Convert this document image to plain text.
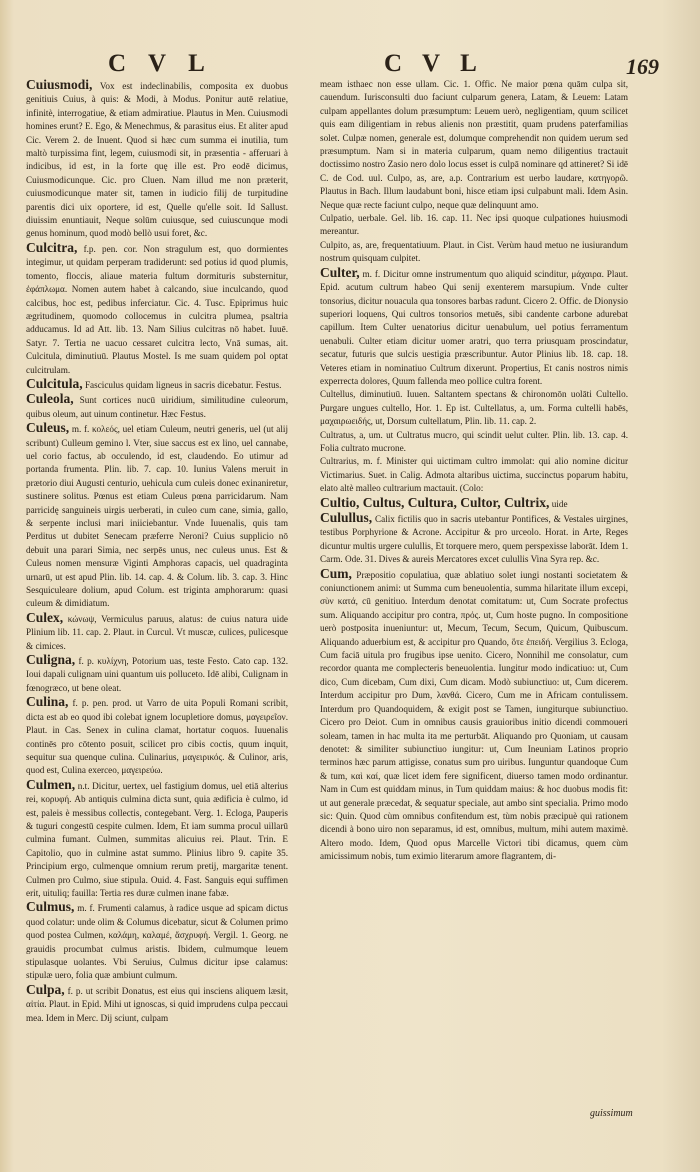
CVL	CVL	169

Cuiusmodi, Vox est indeclinabilis, composita ex duobus genitiuis Cuius, à quis: & Modi, à Modus. Ponitur autē relatiue, infinitè, interrogatiue, & etiam admiratiue. Plautus in Men. Cuiusmodi homines erunt? E. Ego, & Menechmus, & parasitus eius. Et aliter apud Cic. Verem 2. de Inuent. Quod si hæc cum summa ei inutilia, tum maltò turpissima fint, legem, cuiusmodi sit, in præsentia - afferuari à indicibus, id est, in la forte quę ille est. Pro eodē dicimus, Cuiusmodicunque. Cic. pro Cluen. Nam illud me non præterit, cuiusmodicunque mater sit, tamen in iudicio filij de turpitudine parentis dici uix oportere, id est, Quelle qu'elle soit. Id Sallust. diuissim enuntiauit, Neque solūm cuiusque, sed cuiuscunque modi genus hominum, quod modò bellò usui foret, &c.

Culcitra, f.p. pen. cor. Non stragulum est, quo dormientes integimur, ut quidam perperam tradiderunt: sed potius id quod plumis, tomento, floccis, aliaue materia fultum dormituris substernitur, ἐφάπλωμα. Nomen autem habet à calcando, siue inculcando, quod calcibus, hoc est, pedibus inferciatur. Cic. 4. Tusc. Epiprimus huic ægritudinem, quomodo collocemus in culcitra plumea, psaltria adducamus. Id ad Att. lib. 13. Nam Silius culcitras nō habet. Iuuē. Satyr. 7. Tertia ne uacuo cessaret culcitra lecto, Vnā sumas, ait. Culcitula, diminutiuū. Plautus Mostel. Is me suam quidem pol optat culcitrulam.

Culcitula, Fasciculus quidam ligneus in sacris dicebatur. Festus.

Culeola, Sunt cortices nucū uiridium, similitudine culeorum, quibus oleum, aut uinum continetur. Hæc Festus.

Culeus, m. f. κολεός, uel etiam Culeum, neutri generis, uel (ut alij scribunt) Culleum gemino l. Vter, siue saccus est ex lino, uel cannabe, uel corio factus, ab occulendo, id est, claudendo. Eo utimur ad portanda frumenta. Plin. lib. 7. cap. 10. Iunius Valens meruit in prætorio diui Augusti centurio, uehicula cum culeis donec exinaniretur, sustinere solitus. Pœnus est etiam Culeus pœna parricidarum. Nam parricidę sanguineis uirgis uerberati, in culeo cum cane, simia, gallo, & serpente inclusi mari iniiciebantur. Vnde Iuuenalis, quis tam Perditus ut dubitet Senecam præferre Neroni? Cuius supplicio nō debuit una parari Simia, nec serpēs unus, nec culeus unus. Est & Culeus nomen mensuræ Viginti Amphoras capacis, uel quadraginta urnarū, ut est apud Plin. lib. 14. cap. 4. & Colum. lib. 3. cap. 3. Hinc Sesquiculeare dolium, apud Colum. est triginta amphorarum: quasi culeum & dimidiatum.

Culex, κώνωψ, Vermiculus paruus, alatus: de cuius natura uide Plinium lib. 11. cap. 2. Plaut. in Curcul. Vt muscæ, culices, pulicesque & cimices.

Culigna, f. p. κυλίχνη, Potorium uas, teste Festo. Cato cap. 132. Ioui dapali culignam uini quantum uis polluceto. Idē alibi, Culignam in fœnogræco, ut bene oleat.

Culina, f. p. pen. prod. ut Varro de uita Populi Romani scribit, dicta est ab eo quod ibi colebat ignem locupletiore domus, μαγειρεῖον. Plaut. in Cas. Senex in culina clamat, hortatur coquos. Iuuenalis continēs pro cōtento posuit, scilicet pro cibis coctis, quum inquit, sequitur sua quenque culina. Culinarius, μαγειρικός. & Culinor, aris, quod est, Culina exerceo, μαγειρεύω.

Culmen, n.t. Dicitur, uertex, uel fastigium domus, uel etiā alterius rei, κορυφή. Ab antiquis culmina dicta sunt, quia ædificia è culmo, id est, paleis è messibus collectis, contegebant. Verg. 1. Ecloga, Pauperis & tuguri congestū cespite culmen. Idem, Et iam summa procul uillarū culmina fumant. Culmen, summitas alicuius rei. Plaut. Trin. E Capitolio, quo in culmine astat summo. Plinius libro 9. capite 35. Principium ergo, culmenque omnium rerum pretij, margaritæ tenent. Culmen pro Culmo, siue stipula. Ouid. 4. Fast. Sanguis equi suffimen erit, uituliq; fauilla: Tertia res duræ culmen inane fabæ.

Culmus, m. f. Frumenti calamus, à radice usque ad spicam dictus quod colatur: unde olim & Columus dicebatur, sicut & Columen primo quod postea Culmen, καλάμη, καλαμέ, ἄσχρυφή. Vergil. 1. Georg. ne grauidis procumbat culmus aristis. Ibidem, culmumque leuem stipulasque uolantes. Vbi Seruius, Culmus dicitur ipse calamus: stipulæ uero, folia quæ ambiunt culmum.

Culpa, f. p. ut scribit Donatus, est eius qui insciens aliquem læsit, αἰτία. Plaut. in Epid. Mihi ut ignoscas, si quid imprudens culpa peccaui mea. Idem in Merc. Dij sciunt, culpam

meam isthaec non esse ullam. Cic. 1. Offic. Ne maior pœna quām culpa sit, cauendum. Iurisconsulti duo faciunt culparum genera, Latam, & Leuem: Latam culpam appellantes dolum præsumptum: Leuem uerò, negligentiam, quum scilicet quis eam diligentiam in rebus alienis non præstitit, quam prudens paterfamilias solet. Culpæ nomen, generale est, dolumque comprehendit non quidem uerum sed præsumptum. Nam si in materia culparum, quam nemo diligentius tractauit doctissimo nostro Zasio nero dolo locus esset is culpā nominare qd attineret? Si idē C. de Cod. uul. Culpo, as, are, a.p. Contrarium est uerbo laudare, κατηγορῶ. Plautus in Bach. Illum laudabunt boni, hisce etiam ipsi culpabunt mali. Idem Asin. Neque quæ recte faciunt culpo, neque quæ delinquunt amo.

Culpatio, uerbale. Gel. lib. 16. cap. 11. Nec ipsi quoque culpationes huiusmodi mereantur.

Culpito, as, are, frequentatiuum. Plaut. in Cist. Verùm haud metuo ne iusiurandum nostrum quisquam culpitet.

Culter, m. f. Dicitur omne instrumentum quo aliquid scinditur, μάχαιρα. Plaut. Epid. acutum cultrum habeo Qui senij exenterem marsupium. Vnde culter tonsorius, dicitur nouacula qua tonsores barbas radunt. Cicero 2. Offic. de Dionysio superiori loquens, Qui cultros tonsorios metuēs, sibi candente carbone adurebat capillum. Item Culter uenatorius dicitur uenabulum, uel potius ferramentum uenabuli. Culter etiam dicitur uomer aratri, quo terra priusquam proscindatur, secatur, futuris que sulcis uestigia præscribuntur. Autor Plinius lib. 18. cap. 18. Veteres etiam in nominatiuo Cultrum dixerunt. Propertius, Et canis nostros nimis experrecta dolores, Quum fallenda meo pollice cultra forent.

Cultellus, diminutiuū. Iuuen. Saltantem spectans & chironomōn uolāti Cultello. Purgare ungues cultello, Hor. 1. Ep ist. Cultellatus, a, um. Forma cultelli habēs, μαχαιρωειδής, ut, Dorsum cultellatum, Plin. lib. 11. cap. 2.

Cultratus, a, um. ut Cultratus mucro, qui scindit uelut culter. Plin. lib. 13. cap. 4. Folia cultrato mucrone.

Cultrarius, m. f. Minister qui uictimam cultro immolat: qui alio nomine dicitur Victimarius. Suet. in Calig. Admota altaribus uictima, succinctus poparum habitu, elato altè malleo cultrarium mactauit. (Colo:

Cultio, Cultus, Cultura, Cultor, Cultrix, uide

Culullus, Calix fictilis quo in sacris utebantur Pontifices, & Vestales uirgines, testibus Porphyrione & Acrone. Accipitur & pro urceolo. Horat. in Arte, Reges dicuntur multis urgere culullis, Et torquere mero, quem perspexisse laborāt. Idem 1. Carm. Ode. 31. Dives & aureis Mercatores excet culullis Vina Syra rep. &c.

Cum, Præpositio copulatiua, quæ ablatiuo solet iungi nostanti societatem & coniunctionem animi: ut Summa cum beneuolentia, summa hilaritate illum excepi, σὺν κατά, cū genitiuo. Interdum denotat comitatum: ut, Cum Socrate profectus sum. Aliquando accipitur pro contra, πρός. ut, Cum hoste pugno. In compositione uerò postposita inueniuntur: ut, Mecum, Tecum, Secum, Quicum, Quibuscum. Aliquando aduerbium est, & accipitur pro Quando, ὅτε ἐπειδή. Vergilius 3. Ecloga, Cum faciā uitula pro frugibus ipse uenito. Cicero, Nonnihil me consolatur, cum recordor quanta me complecteris beneuolentia. Iungitur modo indicatiuo: ut, Cum dico, Cum dicebam, Cum dixi, Cum dicam. Modò subiunctiuo: ut, Cum dicerem. Interdum accipitur pro Dum, λανθά. Cicero, Cum me in Africam contulissem. Interdum pro Quandoquidem, & exigit post se Tamen, iungiturque subiunctiuo. Cicero pro Deiot. Cum in omnibus causis grauioribus initio dicendi commoueri soleam, tamen in hac multa ita me perturbāt. Aliquando pro Quoniam, ut causam denotet: & similiter subiunctiuo iungitur: ut, Cum Ineuniam Latinos proprio terminos hæc parum attigisse, conatus sum pro uiribus. Iunguntur quandoque Cum & tum, καὶ καί, quæ licet idem fere significent, diuerso tamen modo ordinantur. Nam in Cum est quiddam minus, in Tum quiddam maius: & hoc duobus modis fit: ut aut generale præcedat, & sequatur speciale, aut ambo sint specialia. Primo modo sic: Quin. Quod cùm omnibus confitendum est, tùm nobis præcipuè qui rationem dicendi à bono uiro non separamus, id est, omnibus, multum, mihi autem maximè. Altero modo. Idem, Quod opus Marcelle Victori tibi dicamus, quem cùm amicissimum nobis, tum eximio literarum amore flagrantem, di-

guissimum
